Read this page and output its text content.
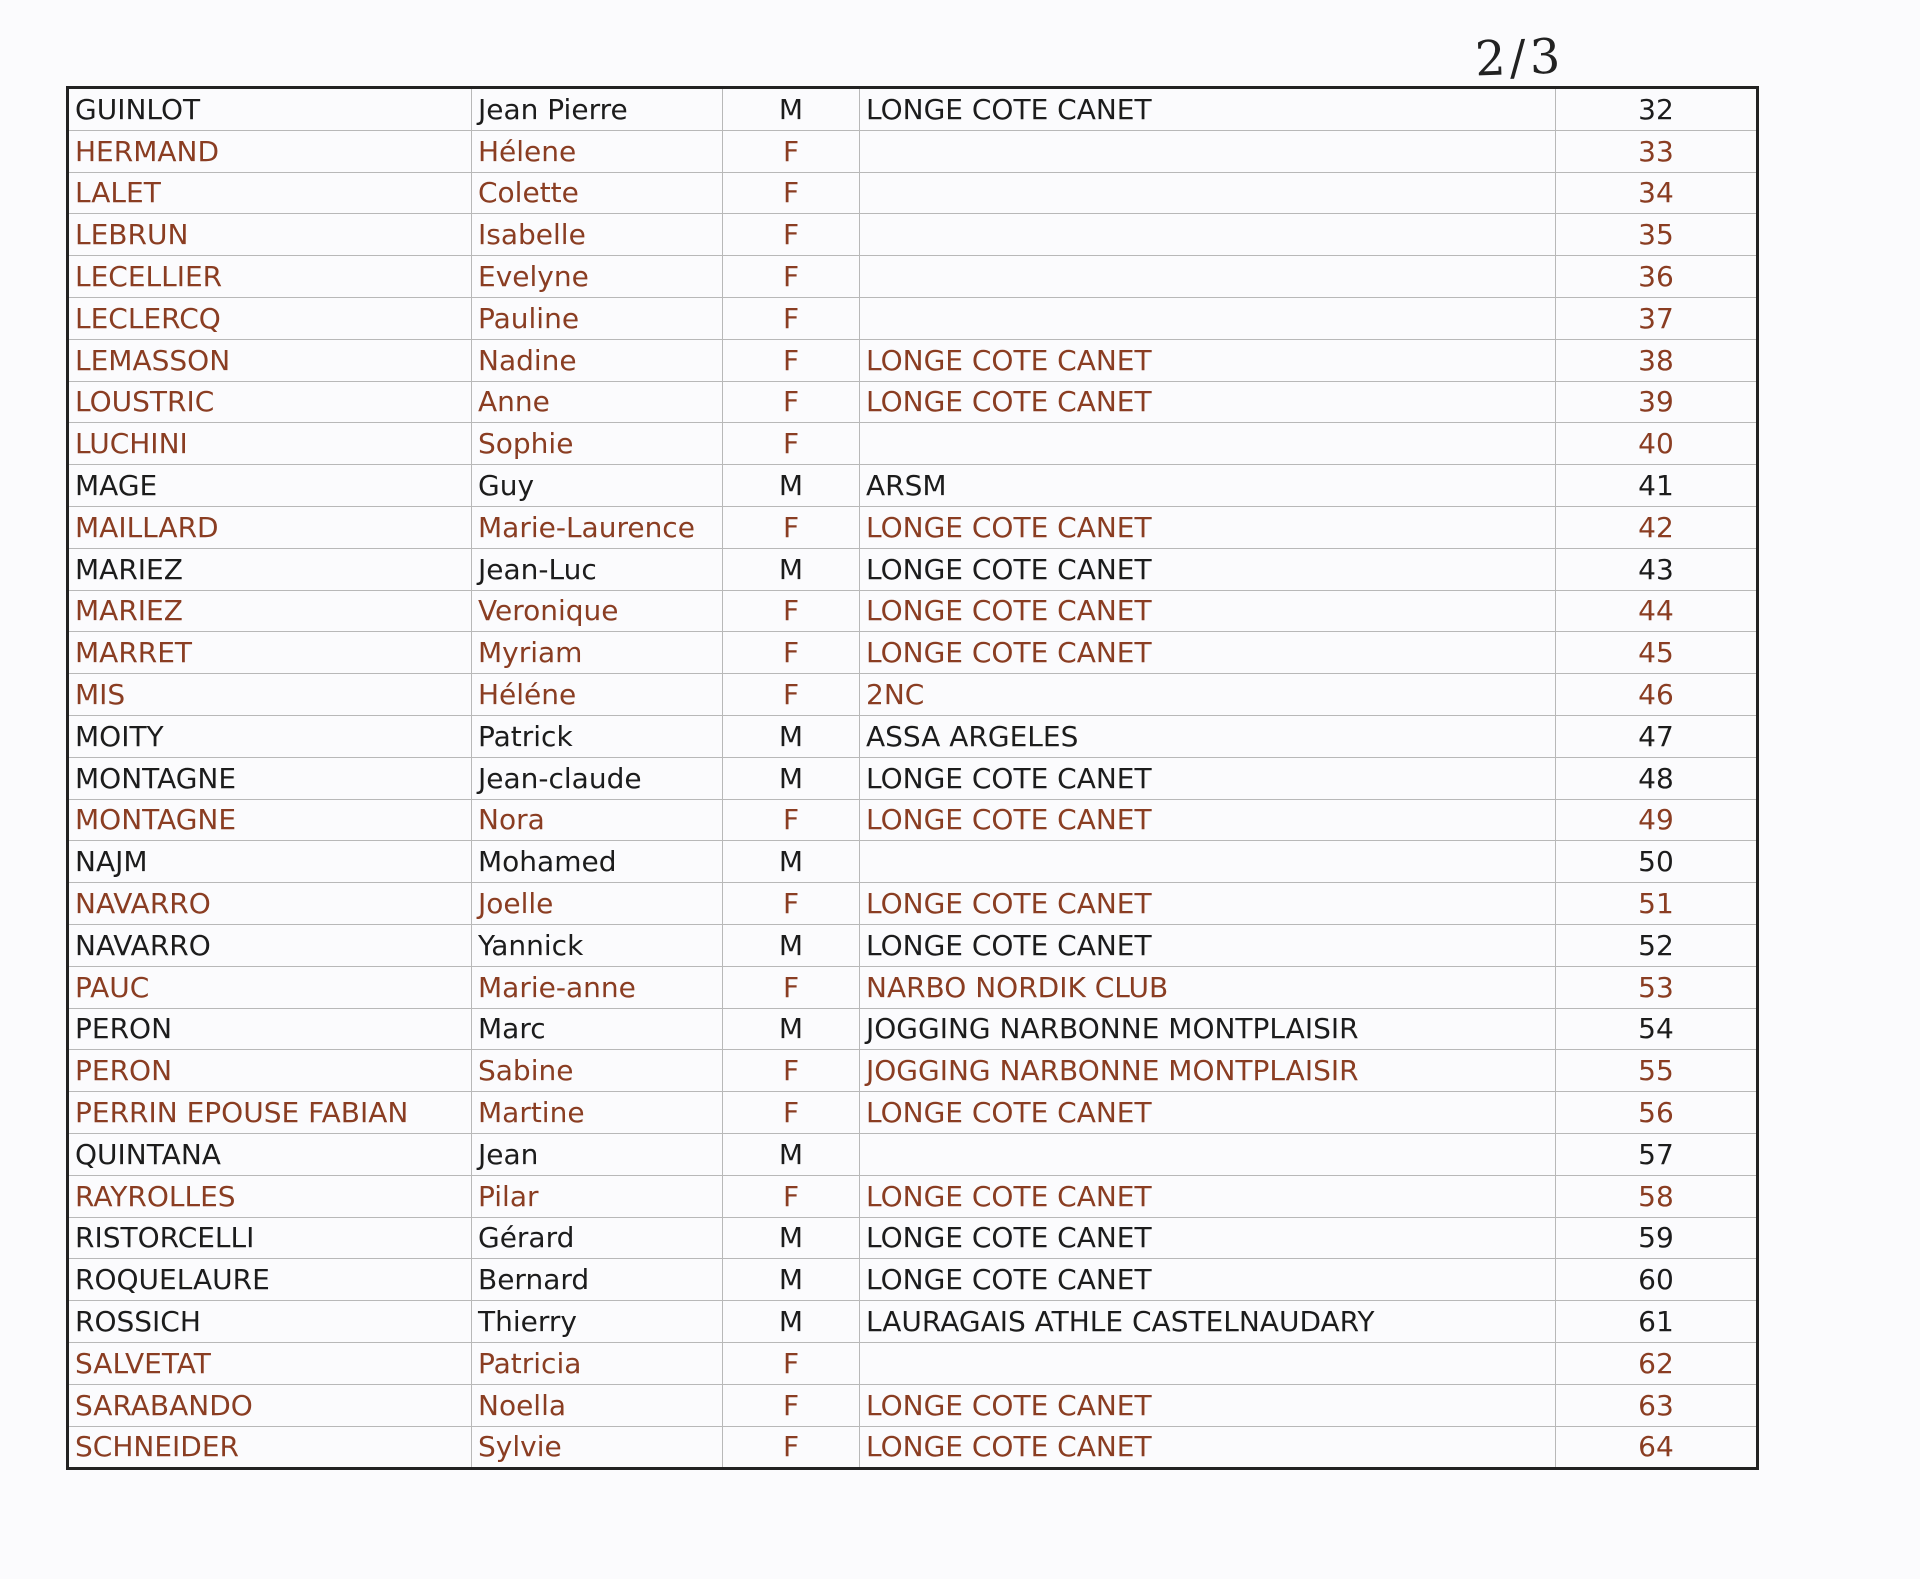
2/3
GUINLOT	Jean Pierre	M	LONGE COTE CANET	32
HERMAND	Hélene	F		33
LALET	Colette	F		34
LEBRUN	Isabelle	F		35
LECELLIER	Evelyne	F		36
LECLERCQ	Pauline	F		37
LEMASSON	Nadine	F	LONGE COTE CANET	38
LOUSTRIC	Anne	F	LONGE COTE CANET	39
LUCHINI	Sophie	F		40
MAGE	Guy	M	ARSM	41
MAILLARD	Marie-Laurence	F	LONGE COTE CANET	42
MARIEZ	Jean-Luc	M	LONGE COTE CANET	43
MARIEZ	Veronique	F	LONGE COTE CANET	44
MARRET	Myriam	F	LONGE COTE CANET	45
MIS	Héléne	F	2NC	46
MOITY	Patrick	M	ASSA ARGELES	47
MONTAGNE	Jean-claude	M	LONGE COTE CANET	48
MONTAGNE	Nora	F	LONGE COTE CANET	49
NAJM	Mohamed	M		50
NAVARRO	Joelle	F	LONGE COTE CANET	51
NAVARRO	Yannick	M	LONGE COTE CANET	52
PAUC	Marie-anne	F	NARBO NORDIK CLUB	53
PERON	Marc	M	JOGGING NARBONNE MONTPLAISIR	54
PERON	Sabine	F	JOGGING NARBONNE MONTPLAISIR	55
PERRIN EPOUSE FABIAN	Martine	F	LONGE COTE CANET	56
QUINTANA	Jean	M		57
RAYROLLES	Pilar	F	LONGE COTE CANET	58
RISTORCELLI	Gérard	M	LONGE COTE CANET	59
ROQUELAURE	Bernard	M	LONGE COTE CANET	60
ROSSICH	Thierry	M	LAURAGAIS ATHLE CASTELNAUDARY	61
SALVETAT	Patricia	F		62
SARABANDO	Noella	F	LONGE COTE CANET	63
SCHNEIDER	Sylvie	F	LONGE COTE CANET	64
